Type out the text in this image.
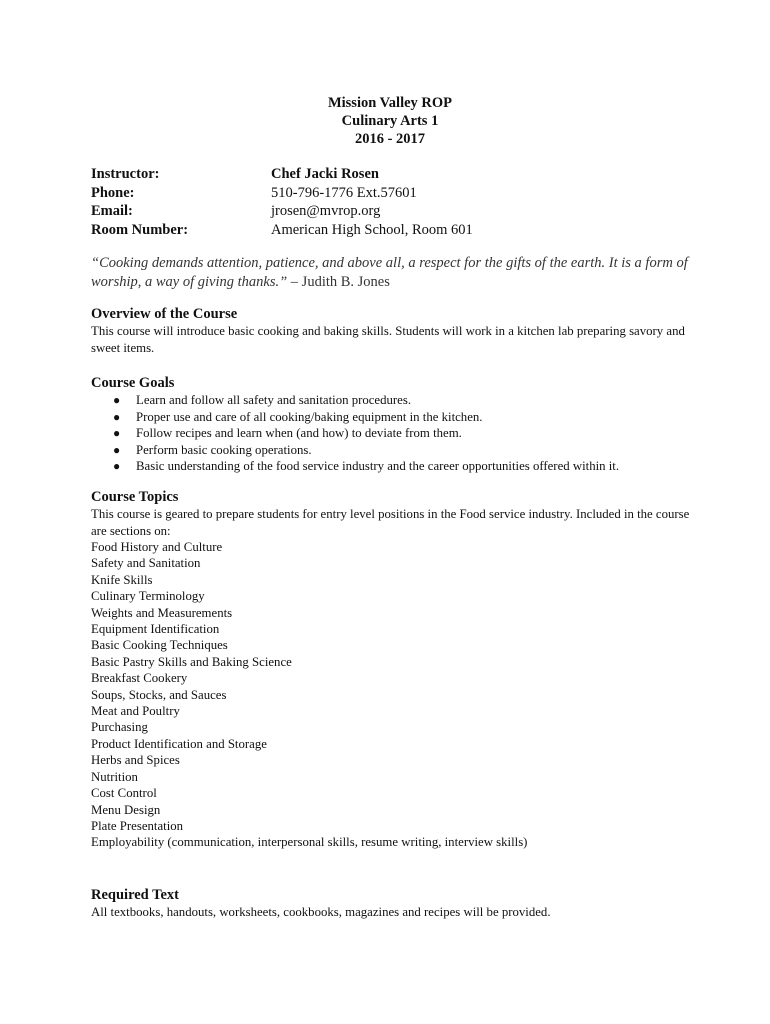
Mission Valley ROP
Culinary Arts 1
2016 - 2017
Instructor:	Chef Jacki Rosen
Phone:	510-796-1776 Ext.57601
Email:	jrosen@mvrop.org
Room Number:	American High School, Room 601
“Cooking demands attention, patience, and above all, a respect for the gifts of the earth. It is a form of worship, a way of giving thanks.” – Judith B. Jones

Overview of the Course

This course will introduce basic cooking and baking skills. Students will work in a kitchen lab preparing savory and sweet items.

Course Goals

● Learn and follow all safety and sanitation procedures.
● Proper use and care of all cooking/baking equipment in the kitchen.
● Follow recipes and learn when (and how) to deviate from them.
● Perform basic cooking operations.
● Basic understanding of the food service industry and the career opportunities offered within it.

Course Topics

This course is geared to prepare students for entry level positions in the Food service industry. Included in the course are sections on:

Food History and Culture
Safety and Sanitation
Knife Skills
Culinary Terminology
Weights and Measurements
Equipment Identification
Basic Cooking Techniques
Basic Pastry Skills and Baking Science
Breakfast Cookery
Soups, Stocks, and Sauces
Meat and Poultry
Purchasing
Product Identification and Storage
Herbs and Spices
Nutrition
Cost Control
Menu Design
Plate Presentation
Employability (communication, interpersonal skills, resume writing, interview skills)

Required Text

All textbooks, handouts, worksheets, cookbooks, magazines and recipes will be provided.
